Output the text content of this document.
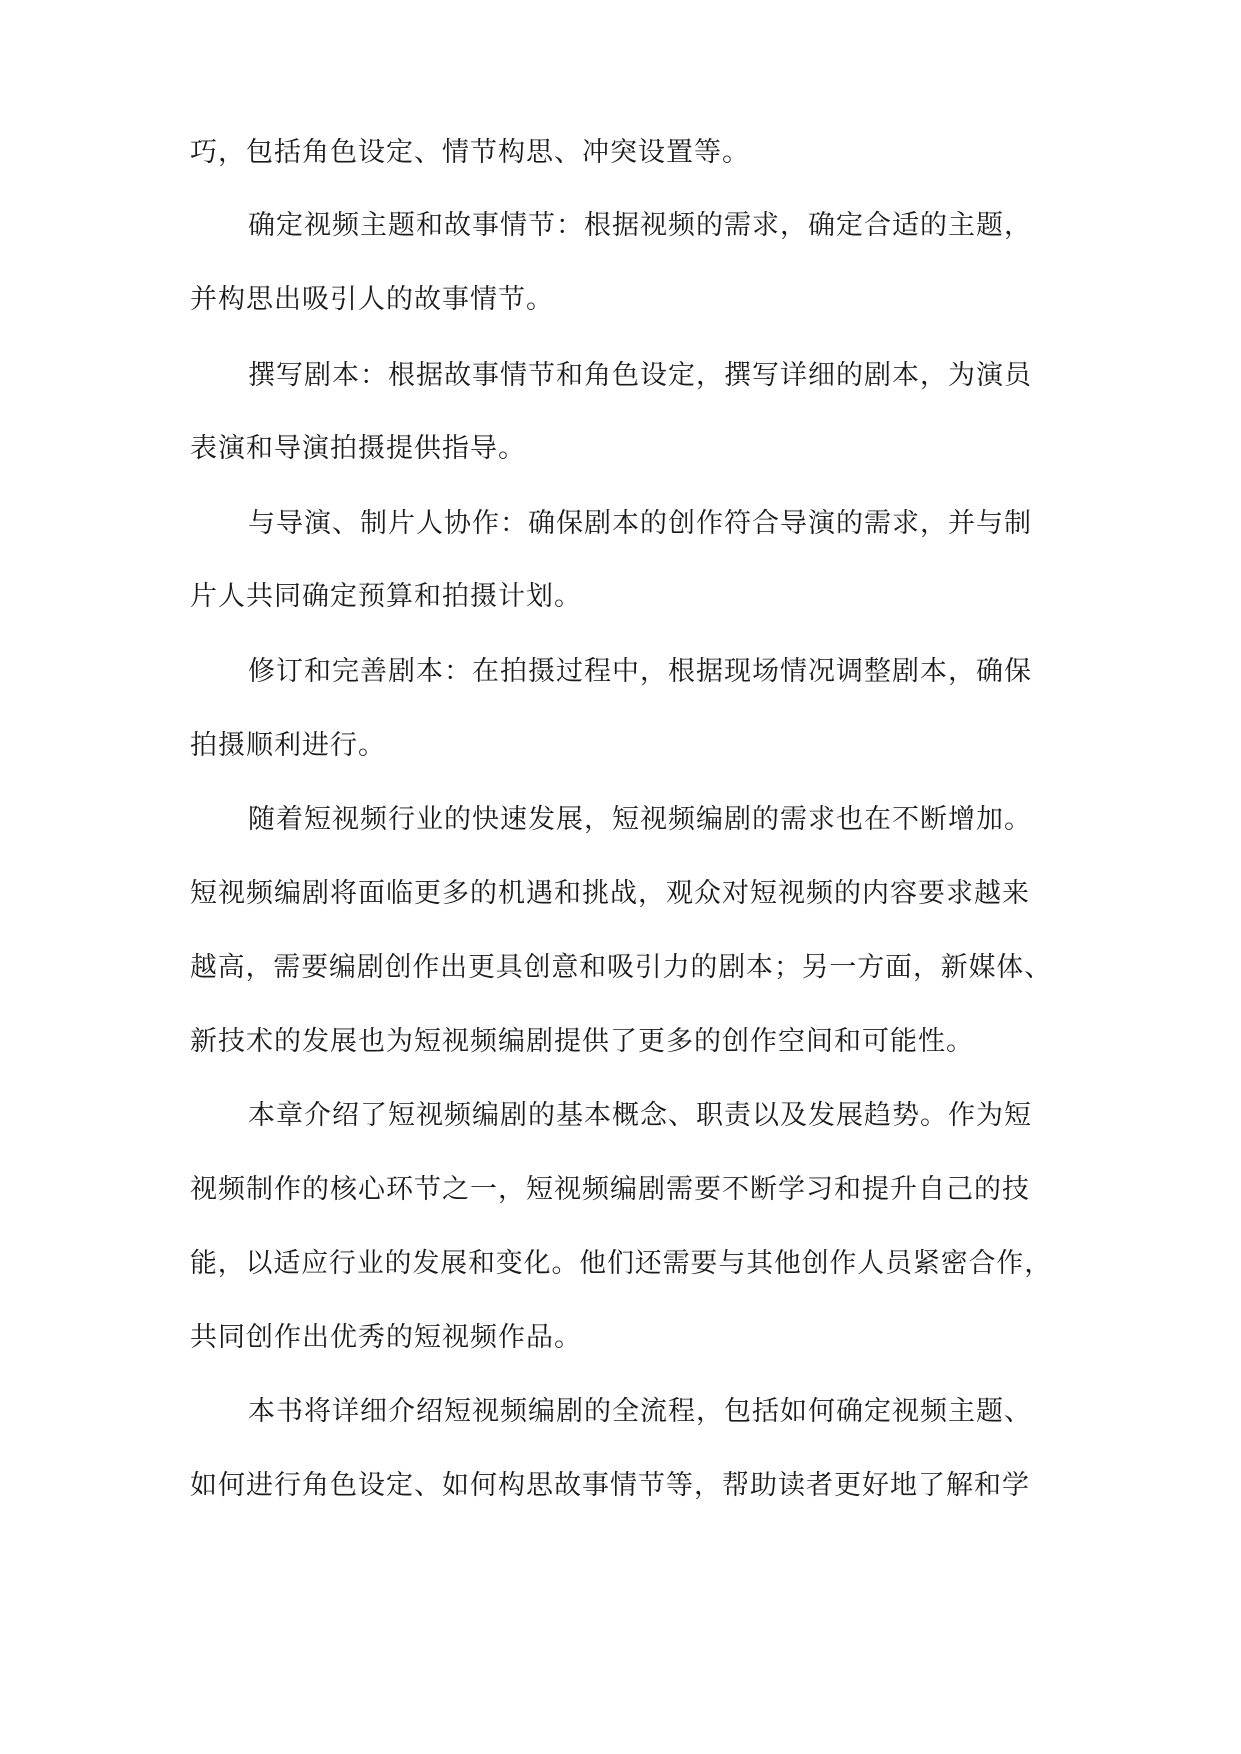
巧，包括角色设定、情节构思、冲突设置等。
确定视频主题和故事情节：根据视频的需求，确定合适的主题，
并构思出吸引人的故事情节。
撰写剧本：根据故事情节和角色设定，撰写详细的剧本，为演员
表演和导演拍摄提供指导。
与导演、制片人协作：确保剧本的创作符合导演的需求，并与制
片人共同确定预算和拍摄计划。
修订和完善剧本：在拍摄过程中，根据现场情况调整剧本，确保
拍摄顺利进行。
随着短视频行业的快速发展，短视频编剧的需求也在不断增加。
短视频编剧将面临更多的机遇和挑战，观众对短视频的内容要求越来
越高，需要编剧创作出更具创意和吸引力的剧本；另一方面，新媒体、
新技术的发展也为短视频编剧提供了更多的创作空间和可能性。
本章介绍了短视频编剧的基本概念、职责以及发展趋势。作为短
视频制作的核心环节之一，短视频编剧需要不断学习和提升自己的技
能，以适应行业的发展和变化。他们还需要与其他创作人员紧密合作，
共同创作出优秀的短视频作品。
本书将详细介绍短视频编剧的全流程，包括如何确定视频主题、
如何进行角色设定、如何构思故事情节等，帮助读者更好地了解和学
